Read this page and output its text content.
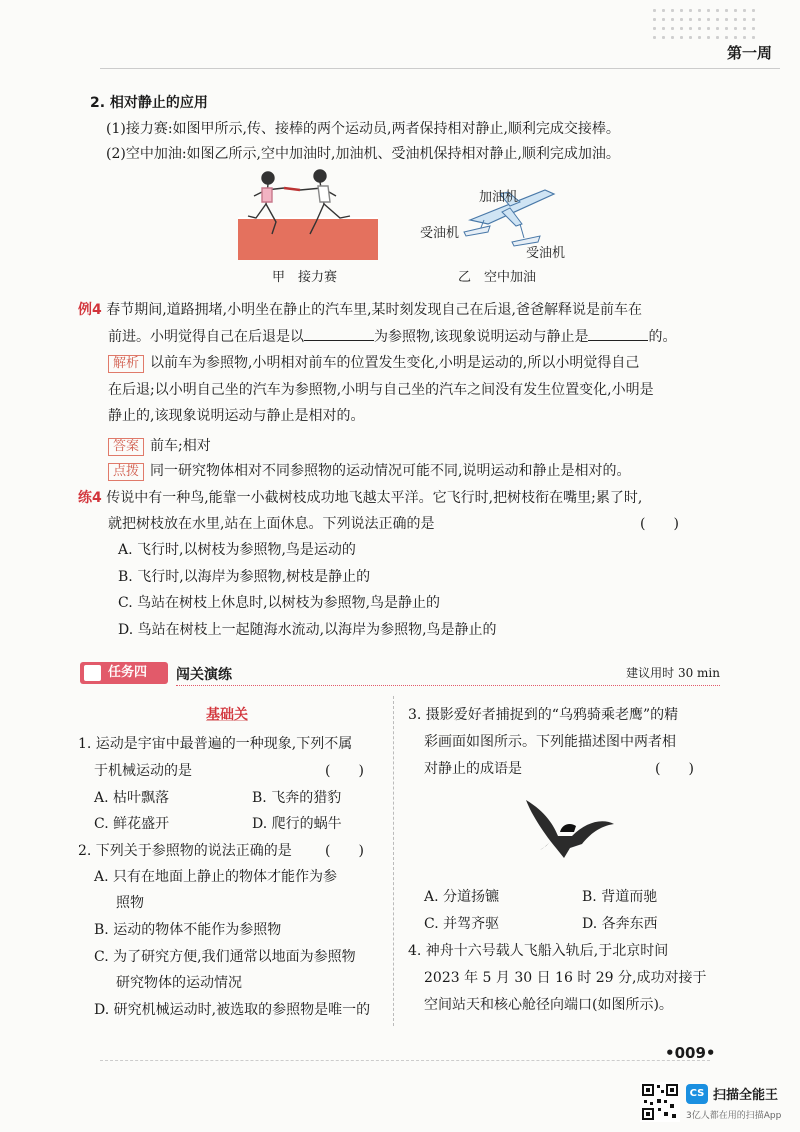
第一周
2. 相对静止的应用
(1)接力赛:如图甲所示,传、接棒的两个运动员,两者保持相对静止,顺利完成交接棒。
(2)空中加油:如图乙所示,空中加油时,加油机、受油机保持相对静止,顺利完成加油。
甲　接力赛
加油机
受油机
受油机
乙　空中加油
例4 春节期间,道路拥堵,小明坐在静止的汽车里,某时刻发现自己在后退,爸爸解释说是前车在
前进。小明觉得自己在后退是以	为参照物,该现象说明运动与静止是	的。
解析 以前车为参照物,小明相对前车的位置发生变化,小明是运动的,所以小明觉得自己
在后退;以小明自己坐的汽车为参照物,小明与自己坐的汽车之间没有发生位置变化,小明是
静止的,该现象说明运动与静止是相对的。
答案 前车;相对
点拨 同一研究物体相对不同参照物的运动情况可能不同,说明运动和静止是相对的。
练4 传说中有一种鸟,能靠一小截树枝成功地飞越太平洋。它飞行时,把树枝衔在嘴里;累了时,
就把树枝放在水里,站在上面休息。下列说法正确的是	(　　)
A. 飞行时,以树枝为参照物,鸟是运动的
B. 飞行时,以海岸为参照物,树枝是静止的
C. 鸟站在树枝上休息时,以树枝为参照物,鸟是静止的
D. 鸟站在树枝上一起随海水流动,以海岸为参照物,鸟是静止的
任务四	闯关演练	建议用时 30 min
基础关
1. 运动是宇宙中最普遍的一种现象,下列不属
于机械运动的是	(　　)
A. 枯叶飘落	B. 飞奔的猎豹
C. 鲜花盛开	D. 爬行的蜗牛
2. 下列关于参照物的说法正确的是 (　　)
A. 只有在地面上静止的物体才能作为参
照物
B. 运动的物体不能作为参照物
C. 为了研究方便,我们通常以地面为参照物
研究物体的运动情况
D. 研究机械运动时,被选取的参照物是唯一的
3. 摄影爱好者捕捉到的“乌鸦骑乘老鹰”的精
彩画面如图所示。下列能描述图中两者相
对静止的成语是	(　　)
A. 分道扬镳	B. 背道而驰
C. 并驾齐驱	D. 各奔东西
4. 神舟十六号载人飞船入轨后,于北京时间
2023 年 5 月 30 日 16 时 29 分,成功对接于
空间站天和核心舱径向端口(如图所示)。
•009•
CS 扫描全能王
3亿人都在用的扫描App
